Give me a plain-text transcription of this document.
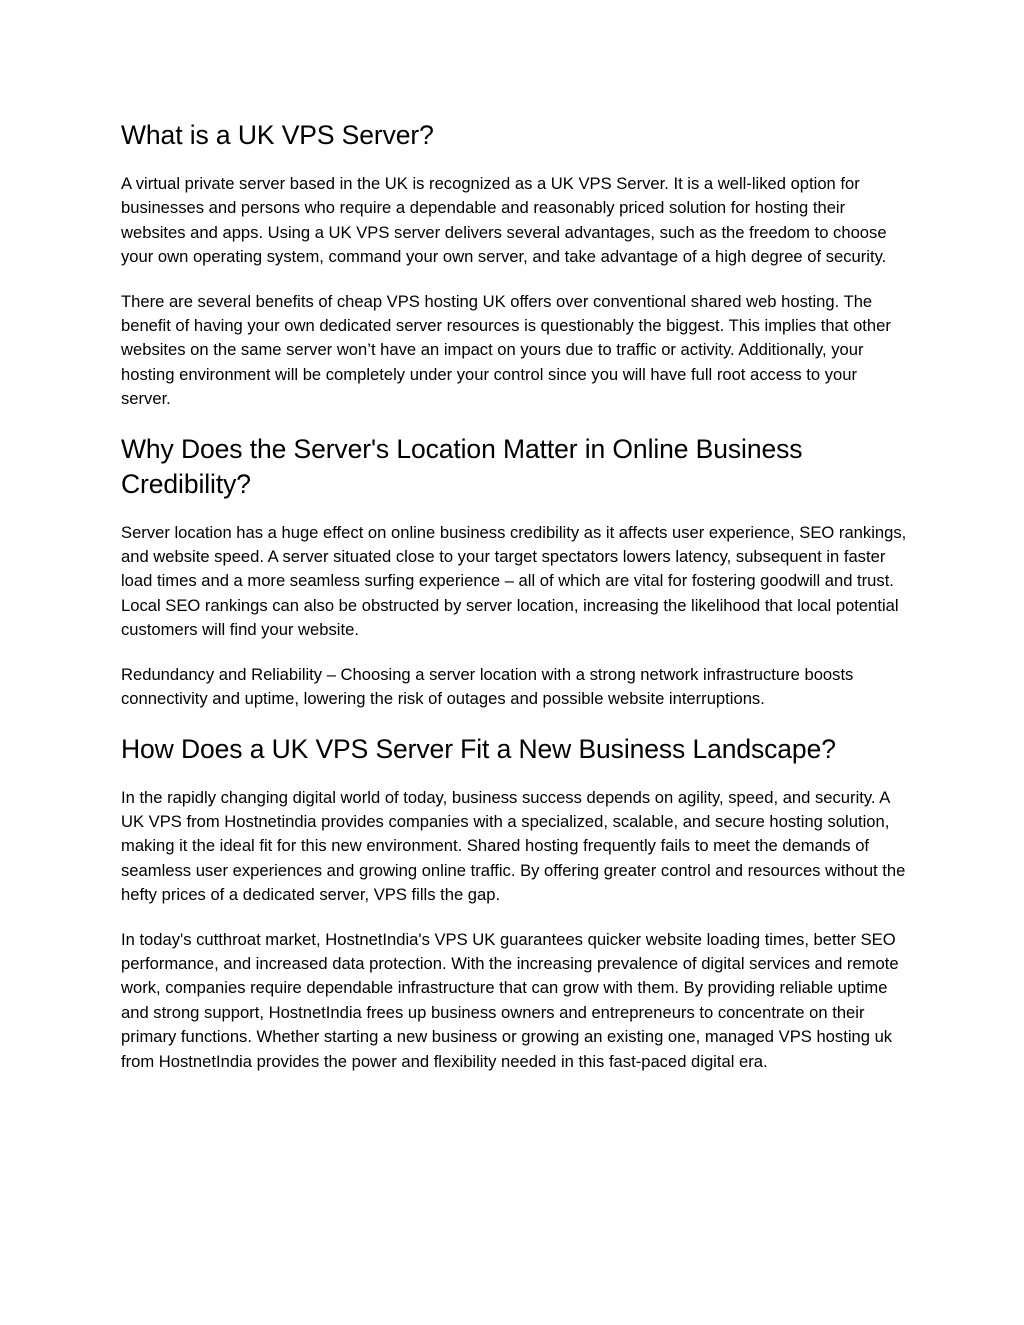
What is a UK VPS Server?

A virtual private server based in the UK is recognized as a UK VPS Server. It is a well-liked option for businesses and persons who require a dependable and reasonably priced solution for hosting their websites and apps. Using a UK VPS server delivers several advantages, such as the freedom to choose your own operating system, command your own server, and take advantage of a high degree of security.

There are several benefits of cheap VPS hosting UK offers over conventional shared web hosting. The benefit of having your own dedicated server resources is questionably the biggest. This implies that other websites on the same server won’t have an impact on yours due to traffic or activity. Additionally, your hosting environment will be completely under your control since you will have full root access to your server.

Why Does the Server's Location Matter in Online Business Credibility?

Server location has a huge effect on online business credibility as it affects user experience, SEO rankings, and website speed. A server situated close to your target spectators lowers latency, subsequent in faster load times and a more seamless surfing experience – all of which are vital for fostering goodwill and trust. Local SEO rankings can also be obstructed by server location, increasing the likelihood that local potential customers will find your website.

Redundancy and Reliability – Choosing a server location with a strong network infrastructure boosts connectivity and uptime, lowering the risk of outages and possible website interruptions.

How Does a UK VPS Server Fit a New Business Landscape?

In the rapidly changing digital world of today, business success depends on agility, speed, and security. A UK VPS from Hostnetindia provides companies with a specialized, scalable, and secure hosting solution, making it the ideal fit for this new environment. Shared hosting frequently fails to meet the demands of seamless user experiences and growing online traffic. By offering greater control and resources without the hefty prices of a dedicated server, VPS fills the gap.

In today's cutthroat market, HostnetIndia's VPS UK guarantees quicker website loading times, better SEO performance, and increased data protection. With the increasing prevalence of digital services and remote work, companies require dependable infrastructure that can grow with them. By providing reliable uptime and strong support, HostnetIndia frees up business owners and entrepreneurs to concentrate on their primary functions. Whether starting a new business or growing an existing one, managed VPS hosting uk from HostnetIndia provides the power and flexibility needed in this fast-paced digital era.
